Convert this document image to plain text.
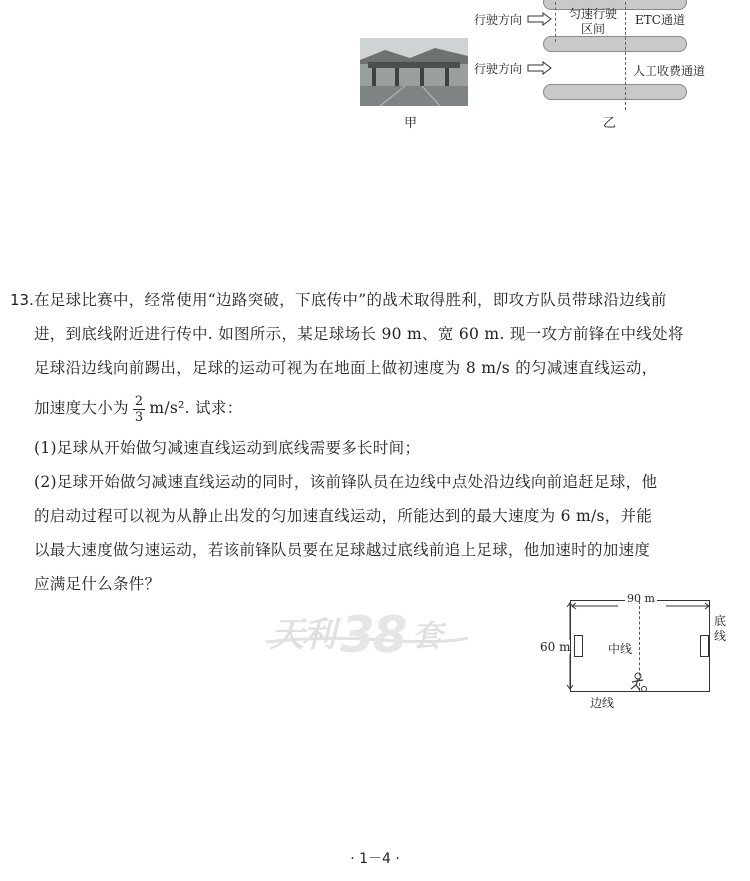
甲
行驶方向	匀速行驶
区间
ETC通道
行驶方向	人工收费通道
乙
13. 在足球比赛中，经常使用“边路突破，下底传中”的战术取得胜利，即攻方队员带球沿边线前
进，到底线附近进行传中. 如图所示，某足球场长 90 m、宽 60 m. 现一攻方前锋在中线处将
足球沿边线向前踢出，足球的运动可视为在地面上做初速度为 8 m/s 的匀减速直线运动，
加速度大小为 $\frac{2}{3} m/s^2$. 试求：
(1)足球从开始做匀减速直线运动到底线需要多长时间；
(2)足球开始做匀减速直线运动的同时，该前锋队员在边线中点处沿边线向前追赶足球，他
的启动过程可以视为从静止出发的匀加速直线运动，所能达到的最大速度为 6 m/s，并能
以最大速度做匀速运动，若该前锋队员要在足球越过底线前追上足球，他加速时的加速度
应满足什么条件？
天利 38 套
90 m
60 m	中线
底
线
边线
· 1－4 ·
